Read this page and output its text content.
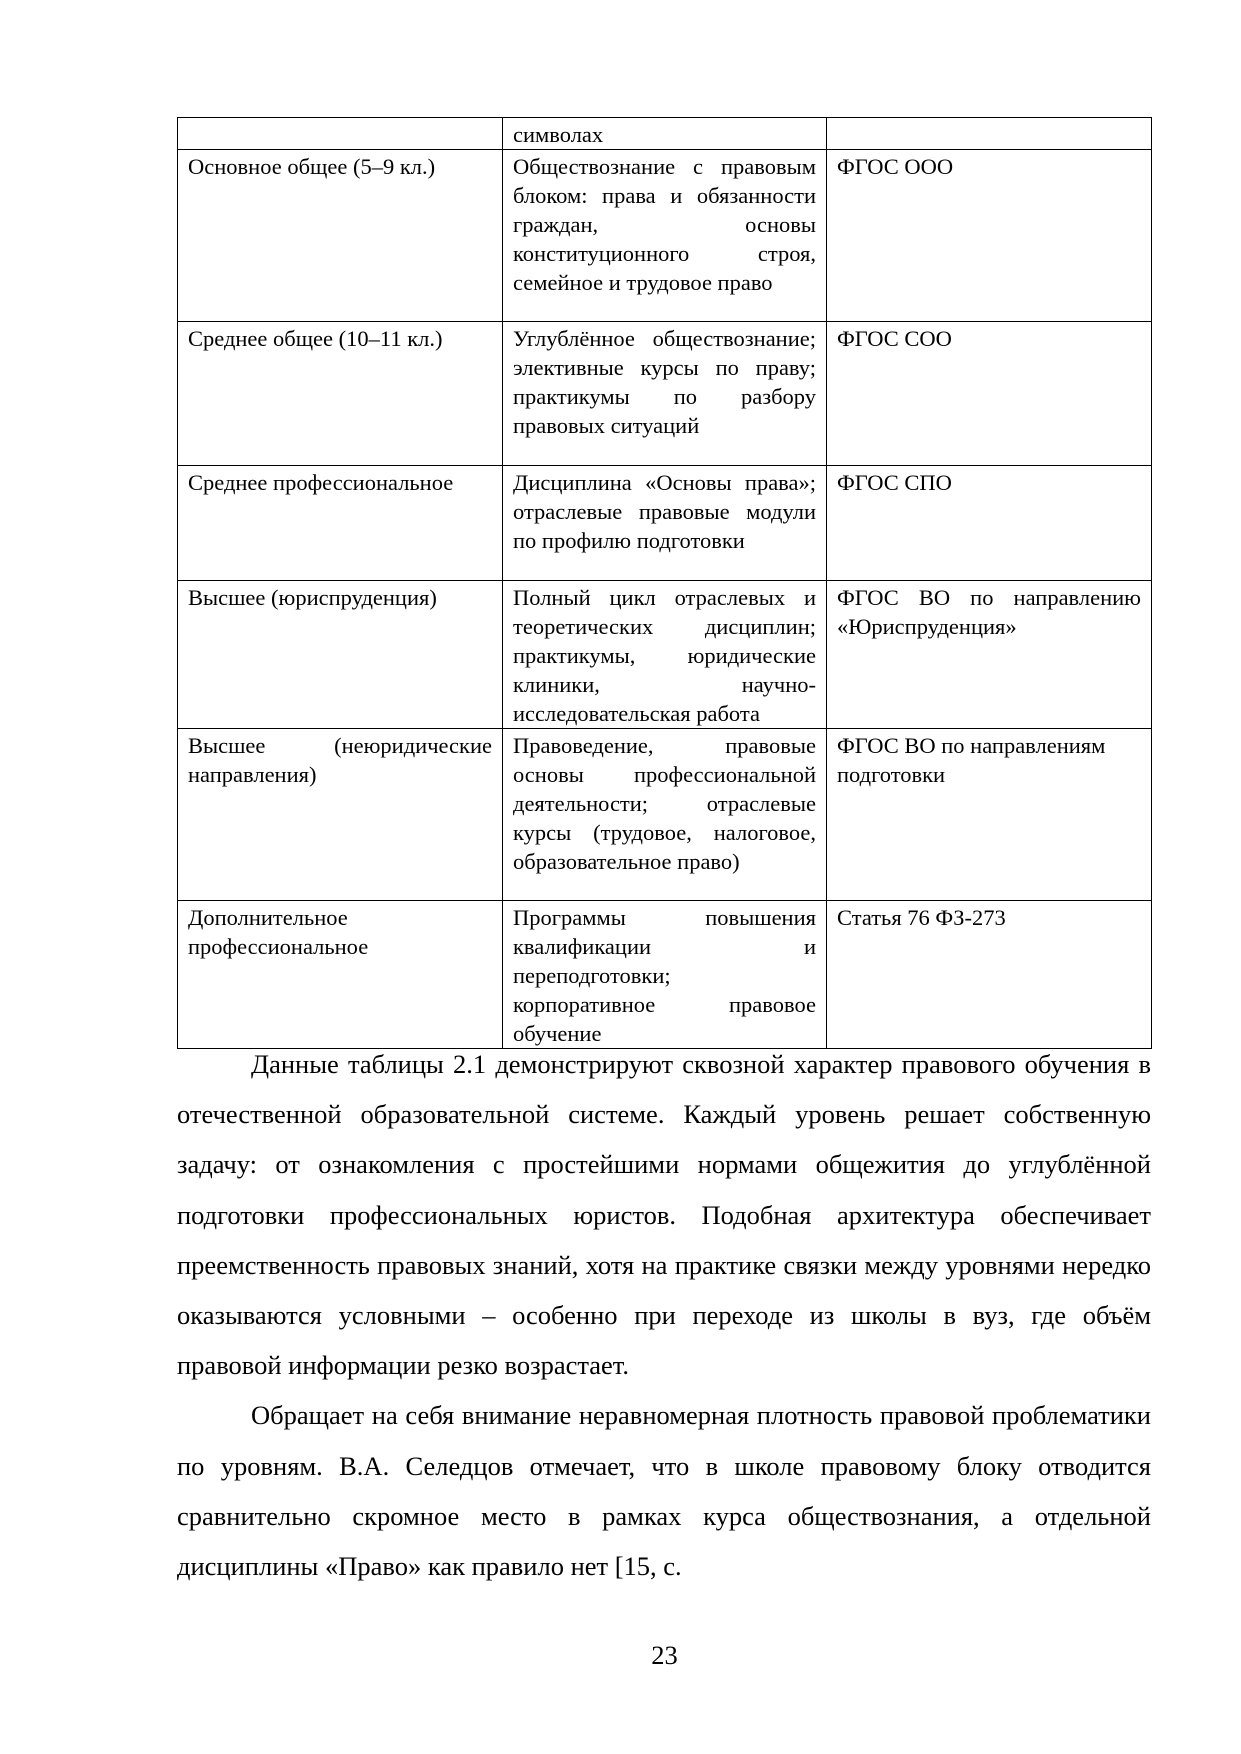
	символах	
Основное общее (5–9 кл.)	Обществознание с правовым блоком: права и обязанности граждан, основы конституционного строя, семейное и трудовое право	ФГОС ООО
Среднее общее (10–11 кл.)	Углублённое обществознание; элективные курсы по праву; практикумы по разбору правовых ситуаций	ФГОС СОО
Среднее профессиональное	Дисциплина «Основы права»; отраслевые правовые модули по профилю подготовки	ФГОС СПО
Высшее (юриспруденция)	Полный цикл отраслевых и теоретических дисциплин; практикумы, юридические клиники, научно-исследовательская работа	ФГОС ВО по направлению «Юриспруденция»
Высшее (неюридические направления)	Правоведение, правовые основы профессиональной деятельности; отраслевые курсы (трудовое, налоговое, образовательное право)	ФГОС ВО по направлениям подготовки
Дополнительное профессиональное	Программы повышения квалификации и переподготовки; корпоративное правовое обучение	Статья 76 ФЗ-273

Данные таблицы 2.1 демонстрируют сквозной характер правового обучения в отечественной образовательной системе. Каждый уровень решает собственную задачу: от ознакомления с простейшими нормами общежития до углублённой подготовки профессиональных юристов. Подобная архитектура обеспечивает преемственность правовых знаний, хотя на практике связки между уровнями нередко оказываются условными – особенно при переходе из школы в вуз, где объём правовой информации резко возрастает.

Обращает на себя внимание неравномерная плотность правовой проблематики по уровням. В.А. Селедцов отмечает, что в школе правовому блоку отводится сравнительно скромное место в рамках курса обществознания, а отдельной дисциплины «Право» как правило нет [15, с.

23
